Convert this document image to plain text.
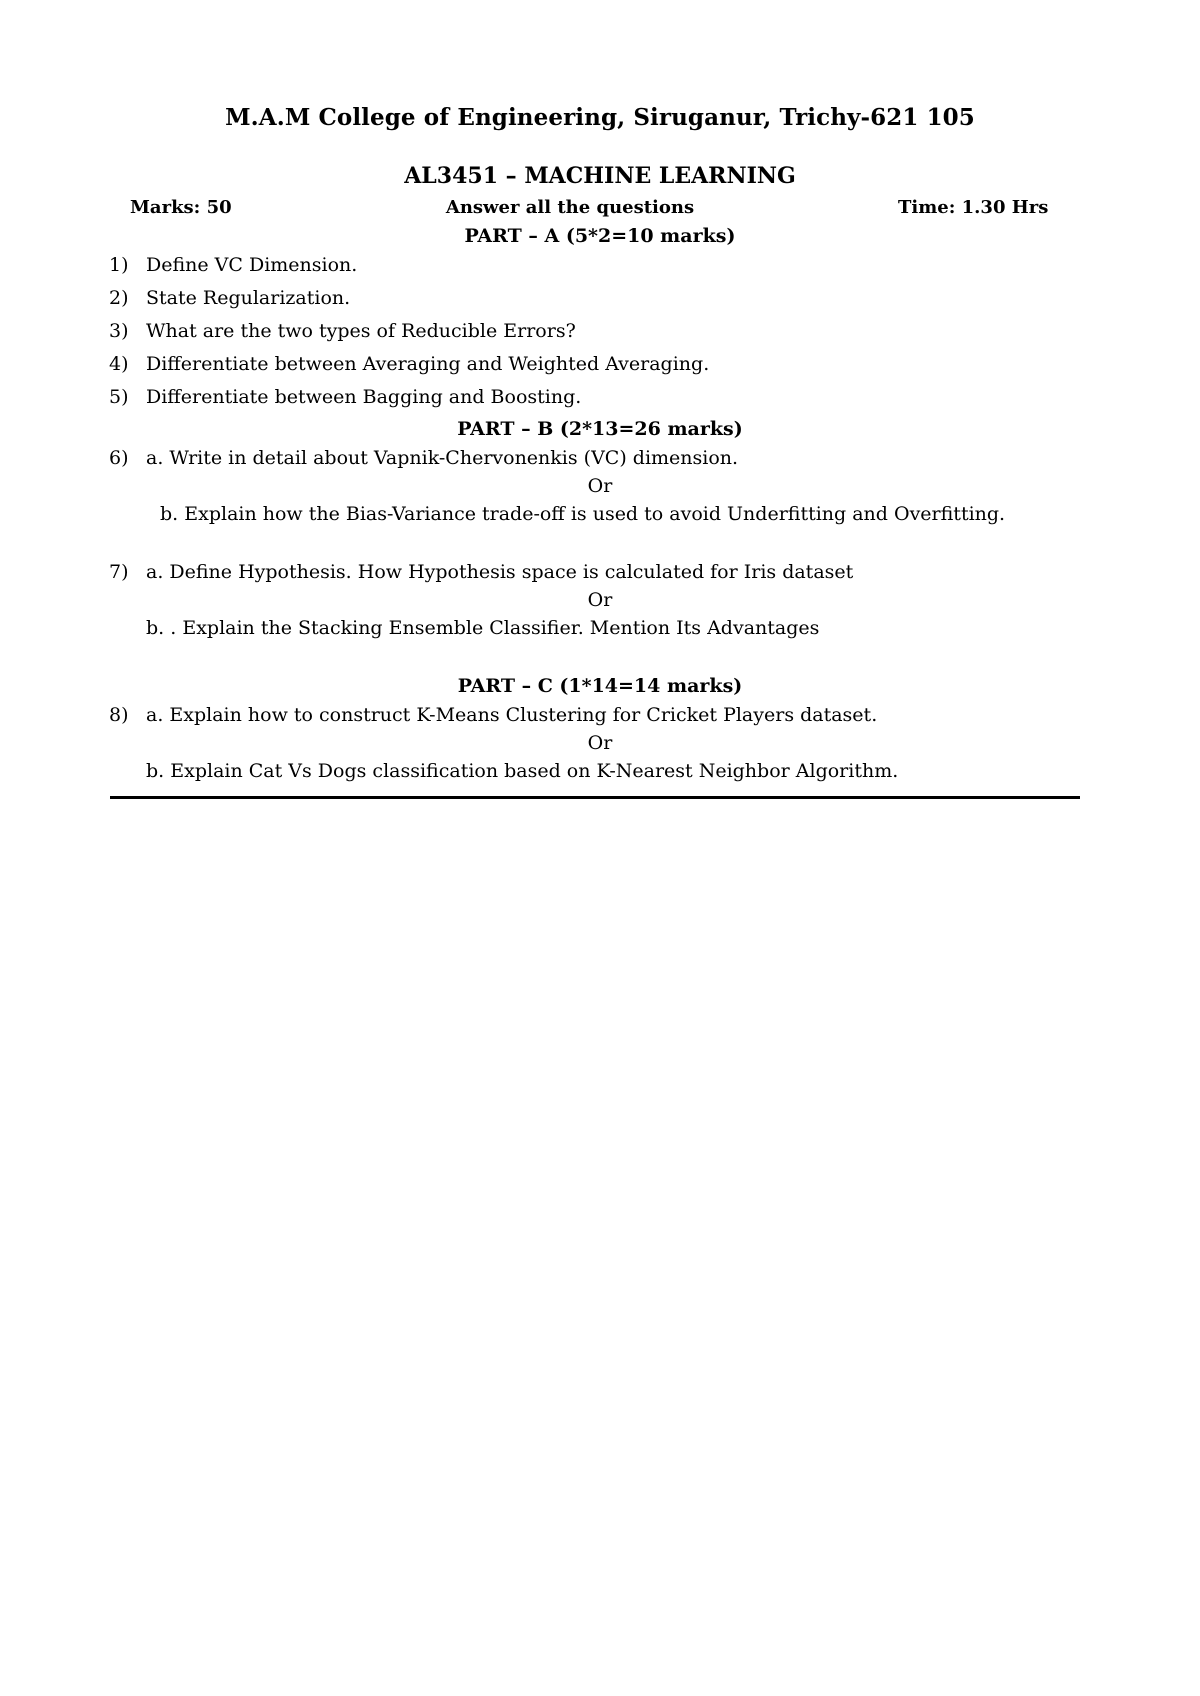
M.A.M College of Engineering, Siruganur, Trichy-621 105
AL3451 – MACHINE LEARNING
Marks: 50	Answer all the questions	Time: 1.30 Hrs
PART – A (5*2=10 marks)
1) Define VC Dimension.
2) State Regularization.
3) What are the two types of Reducible Errors?
4) Differentiate between Averaging and Weighted Averaging.
5) Differentiate between Bagging and Boosting.
PART – B (2*13=26 marks)
6) a. Write in detail about Vapnik-Chervonenkis (VC) dimension.
Or
b. Explain how the Bias-Variance trade-off is used to avoid Underfitting and Overfitting.
7) a. Define Hypothesis. How Hypothesis space is calculated for Iris dataset
Or
b. . Explain the Stacking Ensemble Classifier. Mention Its Advantages
PART – C (1*14=14 marks)
8) a. Explain how to construct K-Means Clustering for Cricket Players dataset.
Or
b. Explain Cat Vs Dogs classification based on K-Nearest Neighbor Algorithm.
